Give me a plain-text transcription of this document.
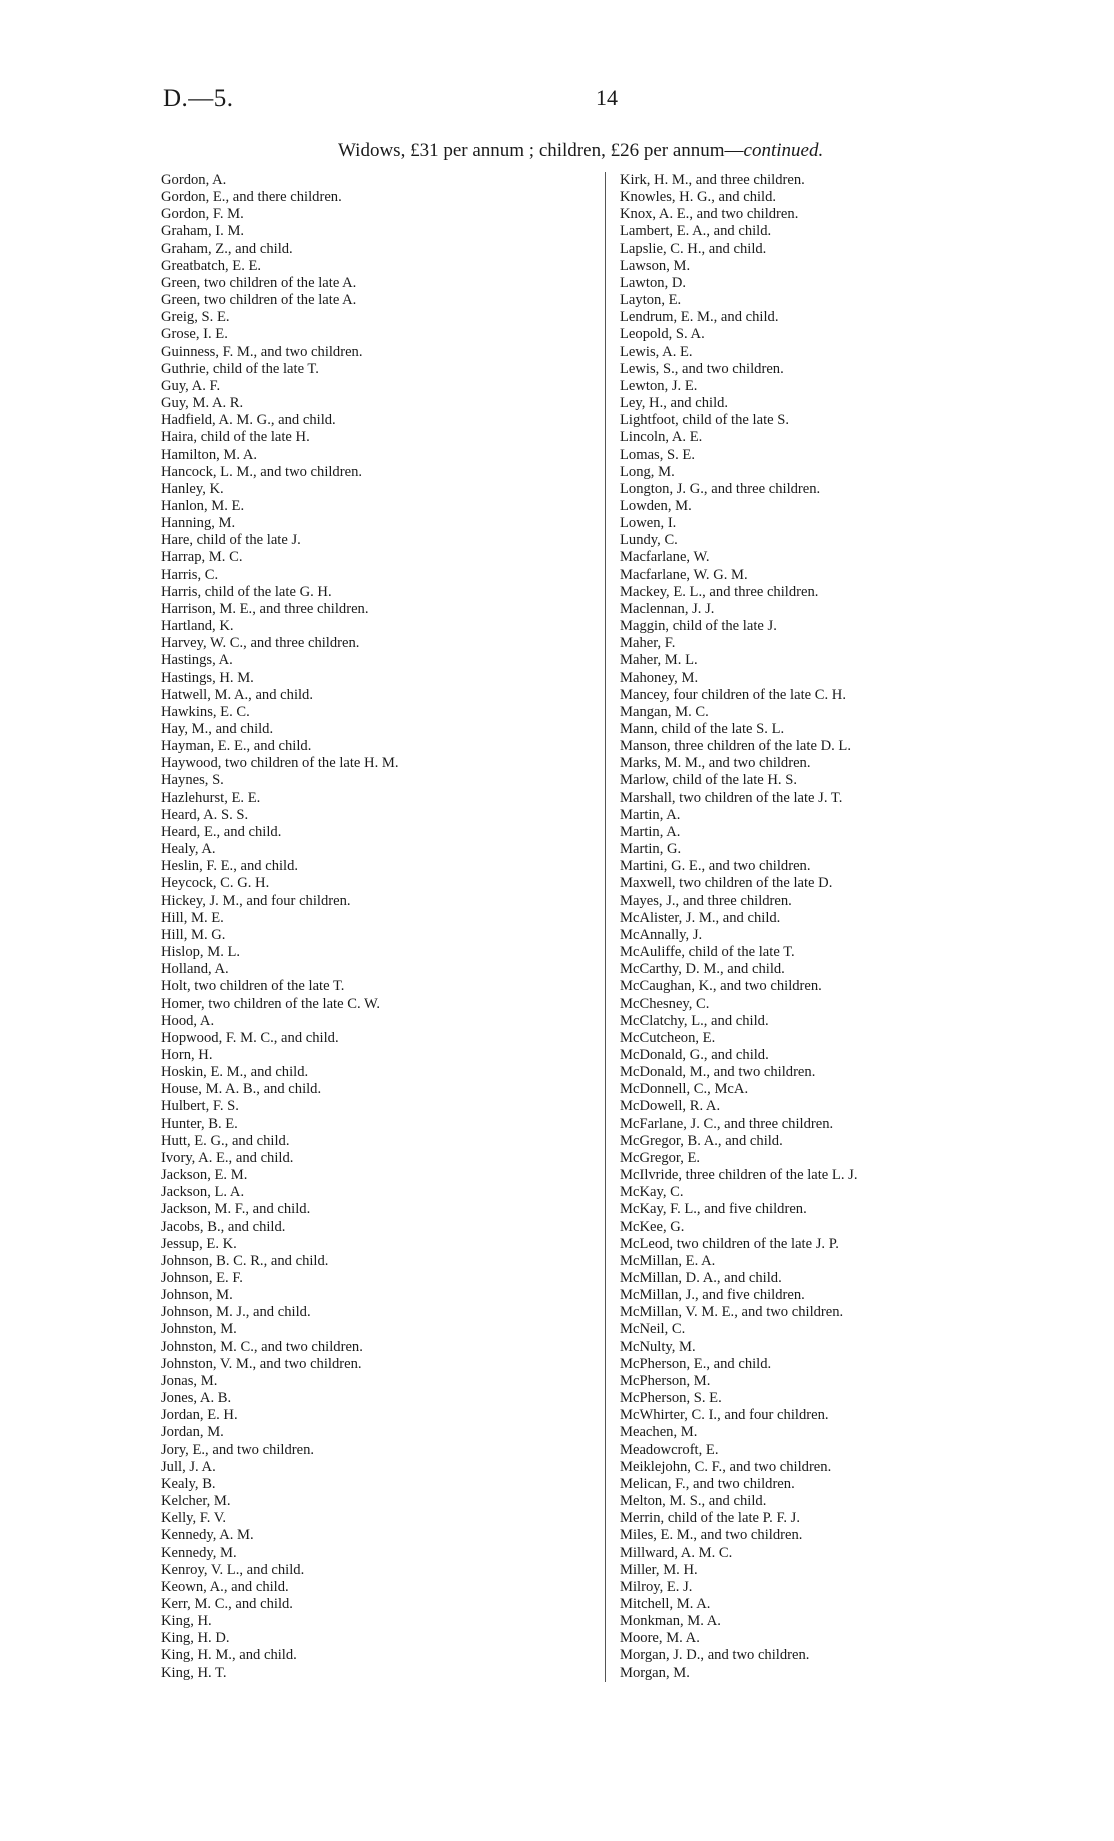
D.—5.	14
Widows, £31 per annum ; children, £26 per annum—continued.
Gordon, A.
Gordon, E., and there children.
Gordon, F. M.
Graham, I. M.
Graham, Z., and child.
Greatbatch, E. E.
Green, two children of the late A.
Green, two children of the late A.
Greig, S. E.
Grose, I. E.
Guinness, F. M., and two children.
Guthrie, child of the late T.
Guy, A. F.
Guy, M. A. R.
Hadfield, A. M. G., and child.
Haira, child of the late H.
Hamilton, M. A.
Hancock, L. M., and two children.
Hanley, K.
Hanlon, M. E.
Hanning, M.
Hare, child of the late J.
Harrap, M. C.
Harris, C.
Harris, child of the late G. H.
Harrison, M. E., and three children.
Hartland, K.
Harvey, W. C., and three children.
Hastings, A.
Hastings, H. M.
Hatwell, M. A., and child.
Hawkins, E. C.
Hay, M., and child.
Hayman, E. E., and child.
Haywood, two children of the late H. M.
Haynes, S.
Hazlehurst, E. E.
Heard, A. S. S.
Heard, E., and child.
Healy, A.
Heslin, F. E., and child.
Heycock, C. G. H.
Hickey, J. M., and four children.
Hill, M. E.
Hill, M. G.
Hislop, M. L.
Holland, A.
Holt, two children of the late T.
Homer, two children of the late C. W.
Hood, A.
Hopwood, F. M. C., and child.
Horn, H.
Hoskin, E. M., and child.
House, M. A. B., and child.
Hulbert, F. S.
Hunter, B. E.
Hutt, E. G., and child.
Ivory, A. E., and child.
Jackson, E. M.
Jackson, L. A.
Jackson, M. F., and child.
Jacobs, B., and child.
Jessup, E. K.
Johnson, B. C. R., and child.
Johnson, E. F.
Johnson, M.
Johnson, M. J., and child.
Johnston, M.
Johnston, M. C., and two children.
Johnston, V. M., and two children.
Jonas, M.
Jones, A. B.
Jordan, E. H.
Jordan, M.
Jory, E., and two children.
Jull, J. A.
Kealy, B.
Kelcher, M.
Kelly, F. V.
Kennedy, A. M.
Kennedy, M.
Kenroy, V. L., and child.
Keown, A., and child.
Kerr, M. C., and child.
King, H.
King, H. D.
King, H. M., and child.
King, H. T.
Kirk, H. M., and three children.
Knowles, H. G., and child.
Knox, A. E., and two children.
Lambert, E. A., and child.
Lapslie, C. H., and child.
Lawson, M.
Lawton, D.
Layton, E.
Lendrum, E. M., and child.
Leopold, S. A.
Lewis, A. E.
Lewis, S., and two children.
Lewton, J. E.
Ley, H., and child.
Lightfoot, child of the late S.
Lincoln, A. E.
Lomas, S. E.
Long, M.
Longton, J. G., and three children.
Lowden, M.
Lowen, I.
Lundy, C.
Macfarlane, W.
Macfarlane, W. G. M.
Mackey, E. L., and three children.
Maclennan, J. J.
Maggin, child of the late J.
Maher, F.
Maher, M. L.
Mahoney, M.
Mancey, four children of the late C. H.
Mangan, M. C.
Mann, child of the late S. L.
Manson, three children of the late D. L.
Marks, M. M., and two children.
Marlow, child of the late H. S.
Marshall, two children of the late J. T.
Martin, A.
Martin, A.
Martin, G.
Martini, G. E., and two children.
Maxwell, two children of the late D.
Mayes, J., and three children.
McAlister, J. M., and child.
McAnnally, J.
McAuliffe, child of the late T.
McCarthy, D. M., and child.
McCaughan, K., and two children.
McChesney, C.
McClatchy, L., and child.
McCutcheon, E.
McDonald, G., and child.
McDonald, M., and two children.
McDonnell, C., McA.
McDowell, R. A.
McFarlane, J. C., and three children.
McGregor, B. A., and child.
McGregor, E.
McIlvride, three children of the late L. J.
McKay, C.
McKay, F. L., and five children.
McKee, G.
McLeod, two children of the late J. P.
McMillan, E. A.
McMillan, D. A., and child.
McMillan, J., and five children.
McMillan, V. M. E., and two children.
McNeil, C.
McNulty, M.
McPherson, E., and child.
McPherson, M.
McPherson, S. E.
McWhirter, C. I., and four children.
Meachen, M.
Meadowcroft, E.
Meiklejohn, C. F., and two children.
Melican, F., and two children.
Melton, M. S., and child.
Merrin, child of the late P. F. J.
Miles, E. M., and two children.
Millward, A. M. C.
Miller, M. H.
Milroy, E. J.
Mitchell, M. A.
Monkman, M. A.
Moore, M. A.
Morgan, J. D., and two children.
Morgan, M.
